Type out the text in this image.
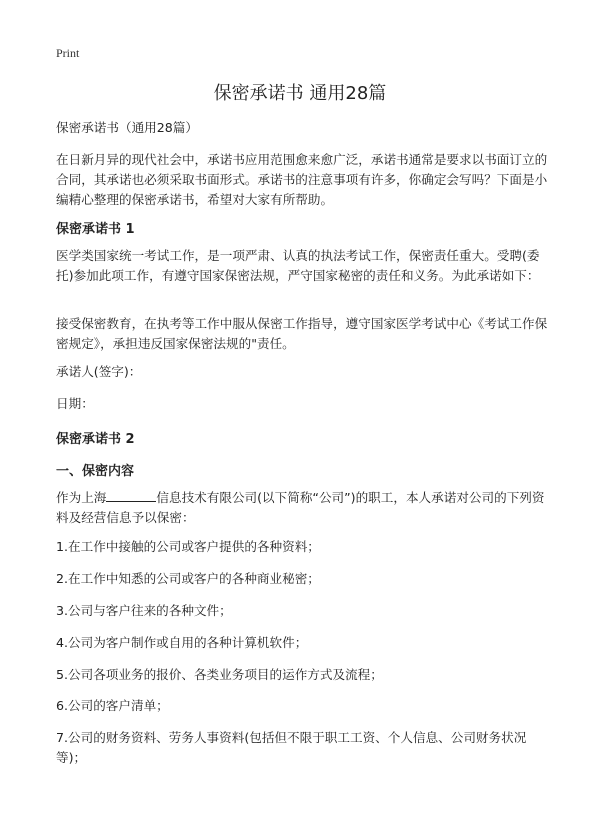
Print
保密承诺书 通用28篇

保密承诺书（通用28篇）

在日新月异的现代社会中，承诺书应用范围愈来愈广泛，承诺书通常是要求以书面订立的合同，其承诺也必须采取书面形式。承诺书的注意事项有许多，你确定会写吗？下面是小编精心整理的保密承诺书，希望对大家有所帮助。

保密承诺书 1

医学类国家统一考试工作，是一项严肃、认真的执法考试工作，保密责任重大。受聘(委托)参加此项工作，有遵守国家保密法规，严守国家秘密的责任和义务。为此承诺如下：

接受保密教育，在执考等工作中服从保密工作指导，遵守国家医学考试中心《考试工作保密规定》，承担违反国家保密法规的"责任。

承诺人(签字)：

日期：

保密承诺书 2

一、保密内容

作为上海	信息技术有限公司(以下简称“公司”)的职工，本人承诺对公司的下列资料及经营信息予以保密：

1.在工作中接触的公司或客户提供的各种资料；

2.在工作中知悉的公司或客户的各种商业秘密；

3.公司与客户往来的各种文件；

4.公司为客户制作或自用的各种计算机软件；

5.公司各项业务的报价、各类业务项目的运作方式及流程；

6.公司的客户清单；

7.公司的财务资料、劳务人事资料(包括但不限于职工工资、个人信息、公司财务状况等)；
